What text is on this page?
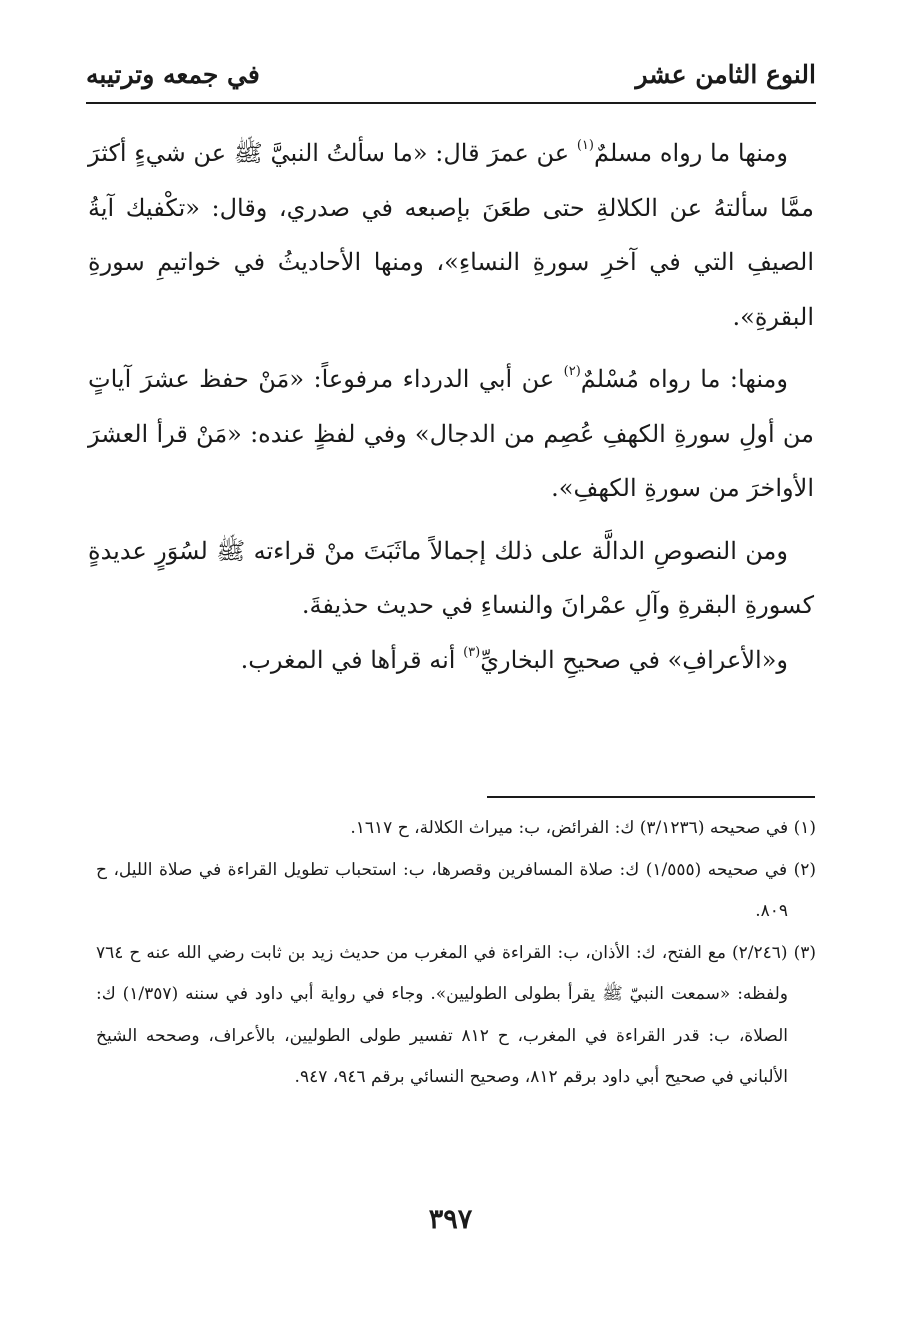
النوع الثامن عشر
في جمعه وترتيبه

ومنها ما رواه مسلمٌ$^{(١)}$ عن عمرَ قال: «ما سألتُ النبيَّ ﷺ عن شيءٍ أكثرَ ممَّا سألتهُ عن الكلالةِ حتى طعَنَ بإصبعه في صدري، وقال: «تكْفيك آيةُ الصيفِ التي في آخرِ سورةِ النساءِ»، ومنها الأحاديثُ في خواتيمِ سورةِ البقرةِ».

ومنها: ما رواه مُسْلمٌ$^{(٢)}$ عن أبي الدرداء مرفوعاً: «مَنْ حفظ عشرَ آياتٍ من أولِ سورةِ الكهفِ عُصِم من الدجال» وفي لفظٍ عنده: «مَنْ قرأ العشرَ الأواخرَ من سورةِ الكهفِ».

ومن النصوصِ الدالَّة على ذلك إجمالاً ماثَبَتَ منْ قراءته ﷺ لسُوَرٍ عديدةٍ كسورةِ البقرةِ وآلِ عمْرانَ والنساءِ في حديث حذيفةَ.

و«الأعرافِ» في صحيحِ البخاريِّ$^{(٣)}$ أنه قرأها في المغرب.

(١) في صحيحه (٣/١٢٣٦) ك: الفرائض، ب: ميراث الكلالة، ح ١٦١٧.

(٢) في صحيحه (١/٥٥٥) ك: صلاة المسافرين وقصرها، ب: استحباب تطويل القراءة في صلاة الليل، ح ٨٠٩.

(٣) (٢/٢٤٦) مع الفتح، ك: الأذان، ب: القراءة في المغرب من حديث زيد بن ثابت رضي الله عنه ح ٧٦٤ ولفظه: «سمعت النبيّ ﷺ يقرأ بطولى الطوليين». وجاء في رواية أبي داود في سننه (١/٣٥٧) ك: الصلاة، ب: قدر القراءة في المغرب، ح ٨١٢ تفسير طولى الطوليين، بالأعراف، وصححه الشيخ الألباني في صحيح أبي داود برقم ٨١٢، وصحيح النسائي برقم ٩٤٦، ٩٤٧.

٣٩٧
